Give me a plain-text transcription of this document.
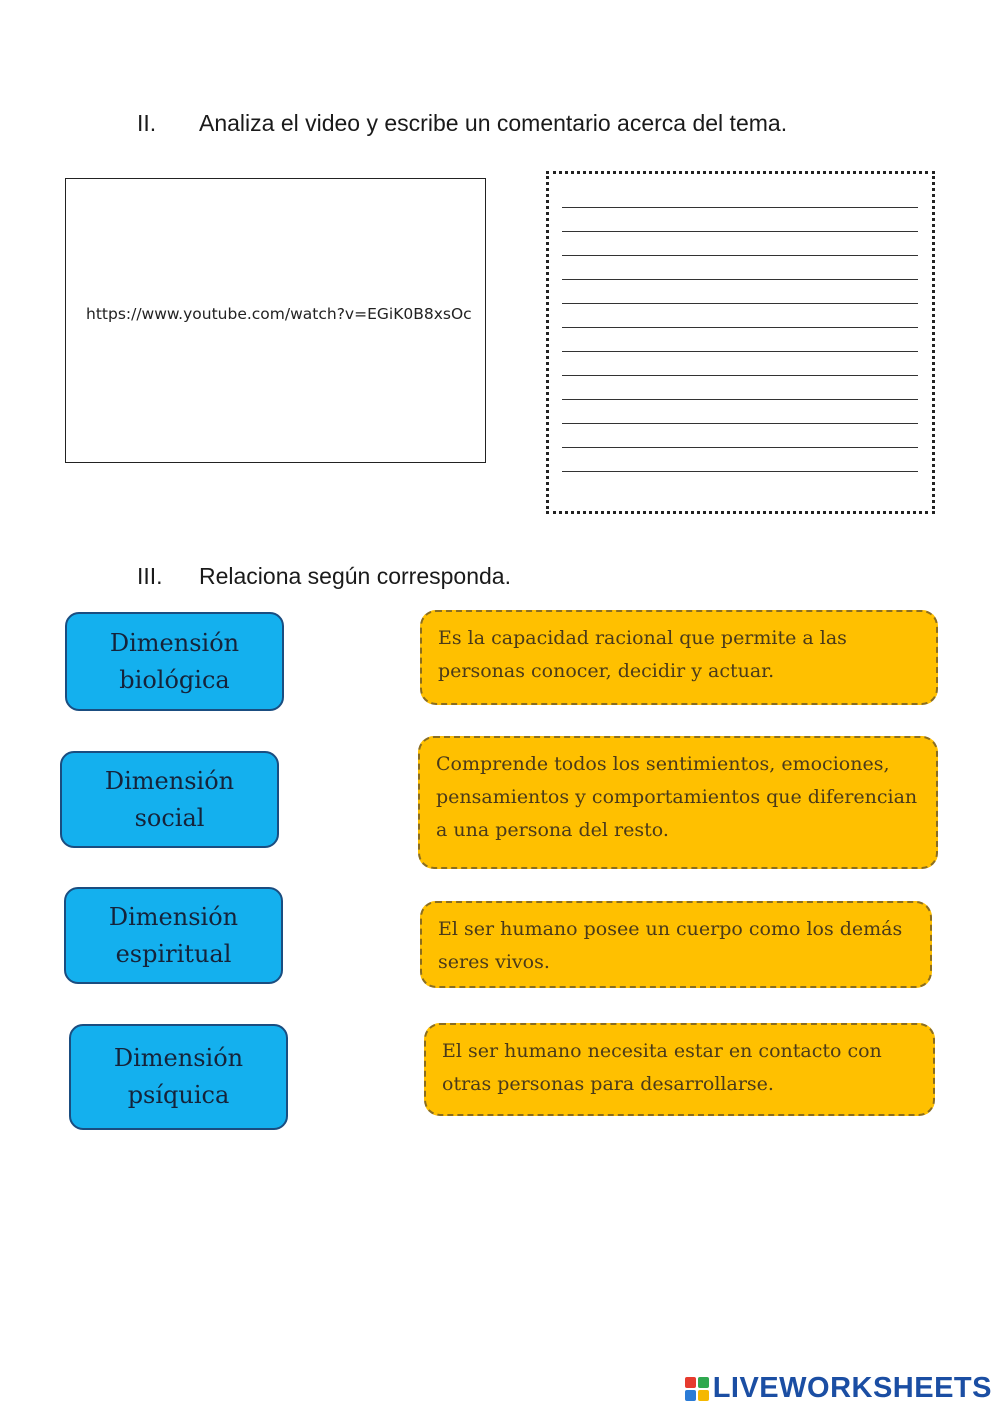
II.	Analiza el video y escribe un comentario acerca del tema.
https://www.youtube.com/watch?v=EGiK0B8xsOc
III.	Relaciona según corresponda.
Dimensión biológica
Dimensión social
Dimensión espiritual
Dimensión psíquica
Es la capacidad racional que permite a las personas conocer, decidir y actuar.
Comprende todos los sentimientos, emociones, pensamientos y comportamientos que diferencian a una persona del resto.
El ser humano posee un cuerpo como los demás seres vivos.
El ser humano necesita estar en contacto con otras personas para desarrollarse.
LIVEWORKSHEETS
